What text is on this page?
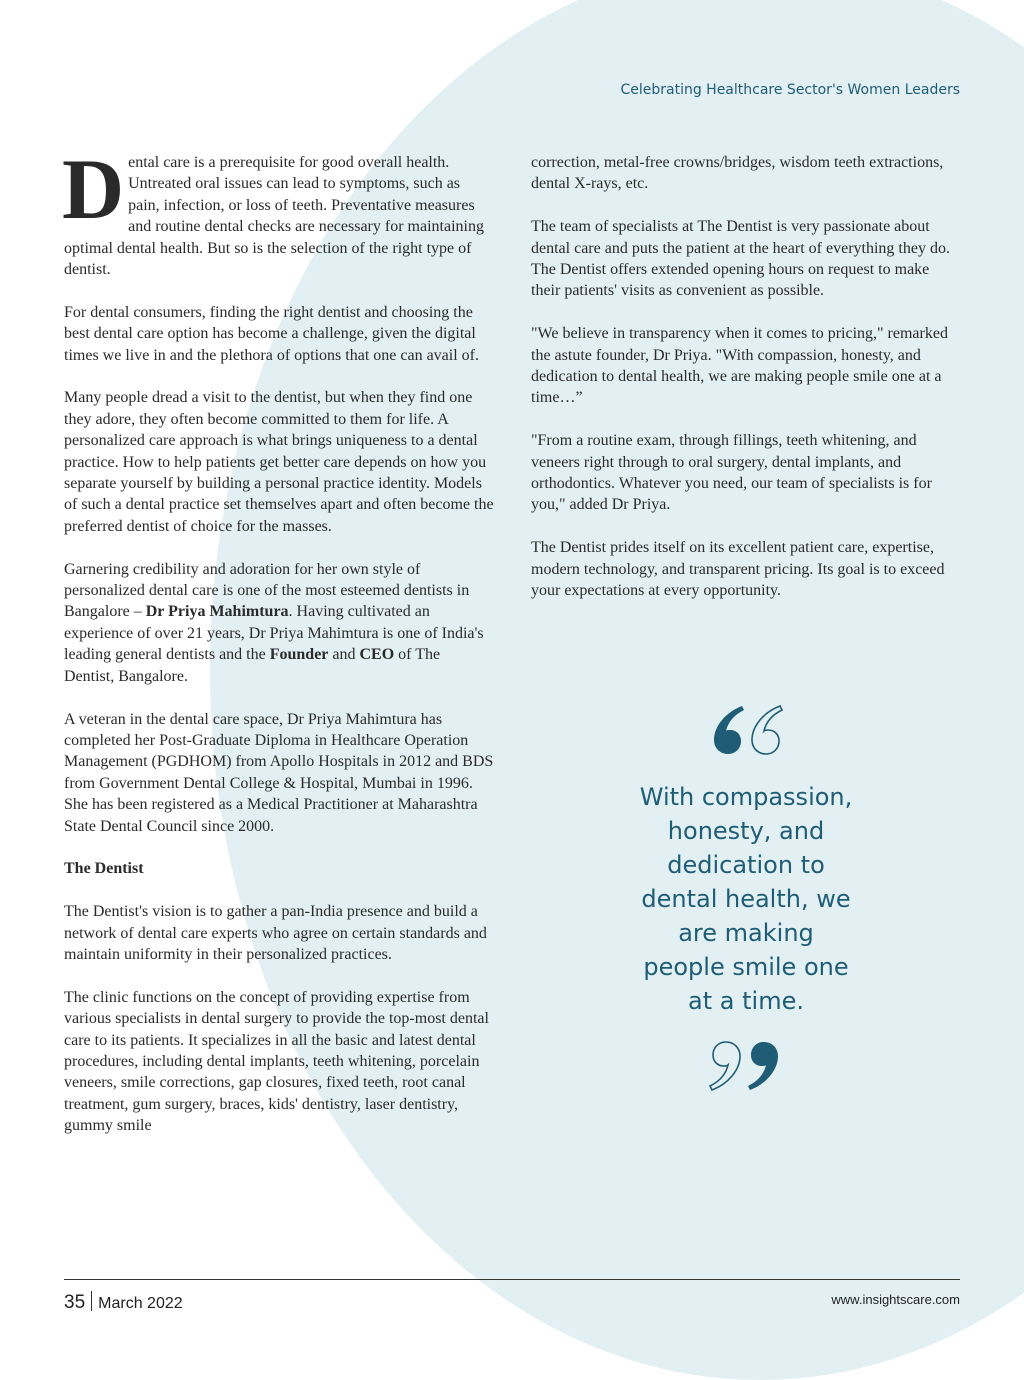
Celebrating Healthcare Sector's Women Leaders

Dental care is a prerequisite for good overall health. Untreated oral issues can lead to symptoms, such as pain, infection, or loss of teeth. Preventative measures and routine dental checks are necessary for maintaining optimal dental health. But so is the selection of the right type of dentist.

For dental consumers, finding the right dentist and choosing the best dental care option has become a challenge, given the digital times we live in and the plethora of options that one can avail of.

Many people dread a visit to the dentist, but when they find one they adore, they often become committed to them for life. A personalized care approach is what brings uniqueness to a dental practice. How to help patients get better care depends on how you separate yourself by building a personal practice identity. Models of such a dental practice set themselves apart and often become the preferred dentist of choice for the masses.

Garnering credibility and adoration for her own style of personalized dental care is one of the most esteemed dentists in Bangalore – Dr Priya Mahimtura. Having cultivated an experience of over 21 years, Dr Priya Mahimtura is one of India's leading general dentists and the Founder and CEO of The Dentist, Bangalore.

A veteran in the dental care space, Dr Priya Mahimtura has completed her Post-Graduate Diploma in Healthcare Operation Management (PGDHOM) from Apollo Hospitals in 2012 and BDS from Government Dental College & Hospital, Mumbai in 1996. She has been registered as a Medical Practitioner at Maharashtra State Dental Council since 2000.

The Dentist

The Dentist's vision is to gather a pan-India presence and build a network of dental care experts who agree on certain standards and maintain uniformity in their personalized practices.

The clinic functions on the concept of providing expertise from various specialists in dental surgery to provide the top-most dental care to its patients. It specializes in all the basic and latest dental procedures, including dental implants, teeth whitening, porcelain veneers, smile corrections, gap closures, fixed teeth, root canal treatment, gum surgery, braces, kids' dentistry, laser dentistry, gummy smile

correction, metal-free crowns/bridges, wisdom teeth extractions, dental X-rays, etc.

The team of specialists at The Dentist is very passionate about dental care and puts the patient at the heart of everything they do. The Dentist offers extended opening hours on request to make their patients' visits as convenient as possible.

"We believe in transparency when it comes to pricing," remarked the astute founder, Dr Priya. "With compassion, honesty, and dedication to dental health, we are making people smile one at a time…”

"From a routine exam, through fillings, teeth whitening, and veneers right through to oral surgery, dental implants, and orthodontics. Whatever you need, our team of specialists is for you," added Dr Priya.

The Dentist prides itself on its excellent patient care, expertise, modern technology, and transparent pricing. Its goal is to exceed your expectations at every opportunity.

With compassion, honesty, and dedication to dental health, we are making people smile one at a time.
35 March 2022	www.insightscare.com
